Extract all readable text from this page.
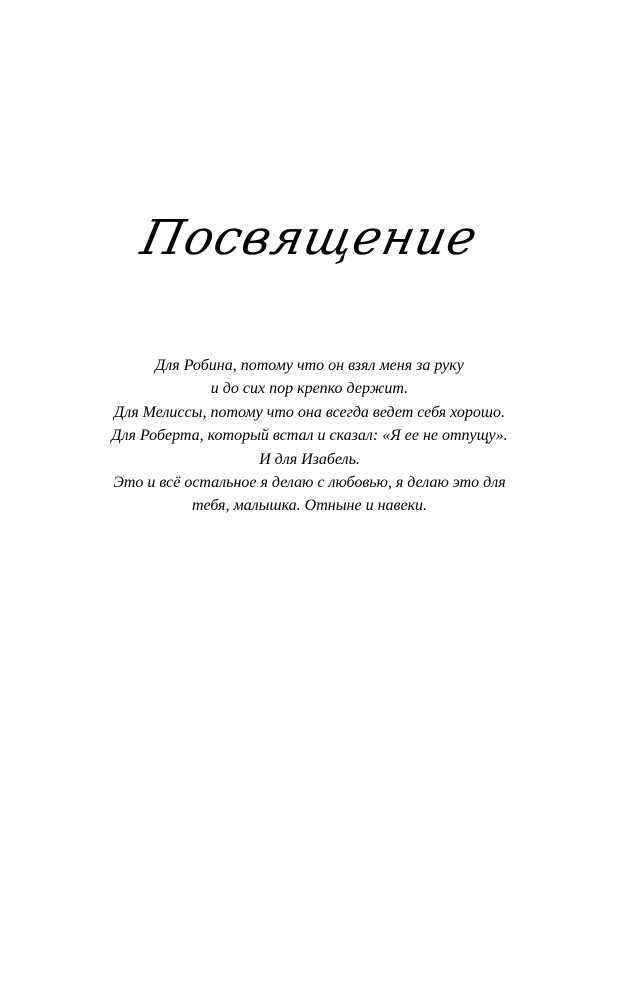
Посвящение
Для Робина, потому что он взял меня за руку
и до сих пор крепко держит.
Для Мелиссы, потому что она всегда ведет себя хорошо.
Для Роберта, который встал и сказал: «Я ее не отпущу».
И для Изабель.
Это и всё остальное я делаю с любовью, я делаю это для
тебя, малышка. Отныне и навеки.
